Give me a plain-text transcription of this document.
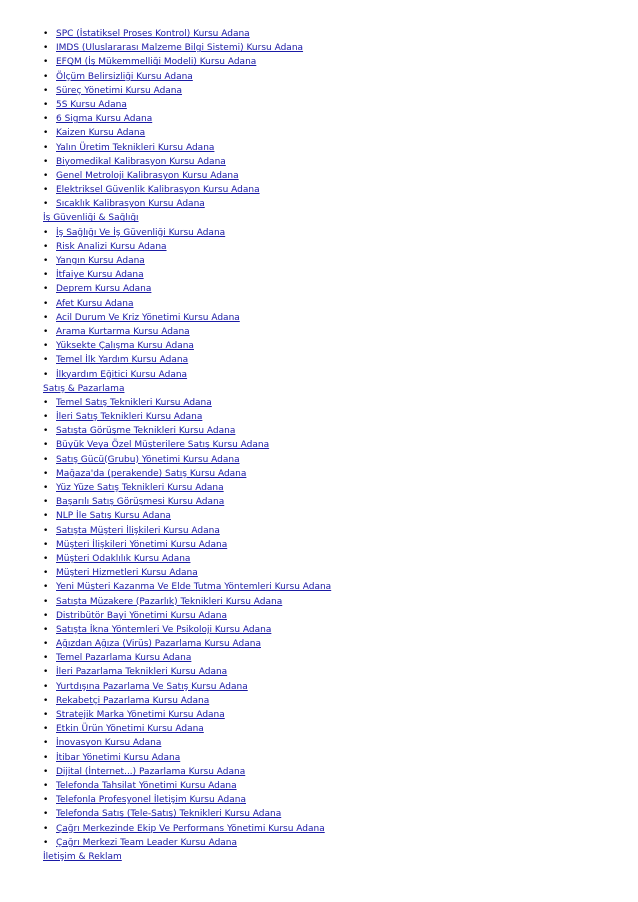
• SPC (İstatiksel Proses Kontrol) Kursu Adana
• IMDS (Uluslararası Malzeme Bilgi Sistemi) Kursu Adana
• EFQM (İş Mükemmelliği Modeli) Kursu Adana
• Ölçüm Belirsizliği Kursu Adana
• Süreç Yönetimi Kursu Adana
• 5S Kursu Adana
• 6 Sigma Kursu Adana
• Kaizen Kursu Adana
• Yalın Üretim Teknikleri Kursu Adana
• Biyomedikal Kalibrasyon Kursu Adana
• Genel Metroloji Kalibrasyon Kursu Adana
• Elektriksel Güvenlik Kalibrasyon Kursu Adana
• Sıcaklık Kalibrasyon Kursu Adana
İş Güvenliği & Sağlığı
• İş Sağlığı Ve İş Güvenliği Kursu Adana
• Risk Analizi Kursu Adana
• Yangın Kursu Adana
• İtfaiye Kursu Adana
• Deprem Kursu Adana
• Afet Kursu Adana
• Acil Durum Ve Kriz Yönetimi Kursu Adana
• Arama Kurtarma Kursu Adana
• Yüksekte Çalışma Kursu Adana
• Temel İlk Yardım Kursu Adana
• İlkyardım Eğitici Kursu Adana
Satış & Pazarlama
• Temel Satış Teknikleri Kursu Adana
• İleri Satış Teknikleri Kursu Adana
• Satışta Görüşme Teknikleri Kursu Adana
• Büyük Veya Özel Müşterilere Satış Kursu Adana
• Satış Gücü(Grubu) Yönetimi Kursu Adana
• Mağaza'da (perakende) Satış Kursu Adana
• Yüz Yüze Satış Teknikleri Kursu Adana
• Başarılı Satış Görüşmesi Kursu Adana
• NLP İle Satış Kursu Adana
• Satışta Müşteri İlişkileri Kursu Adana
• Müşteri İlişkileri Yönetimi Kursu Adana
• Müşteri Odaklılık Kursu Adana
• Müşteri Hizmetleri Kursu Adana
• Yeni Müşteri Kazanma Ve Elde Tutma Yöntemleri Kursu Adana
• Satışta Müzakere (Pazarlık) Teknikleri Kursu Adana
• Distribütör Bayi Yönetimi Kursu Adana
• Satışta İkna Yöntemleri Ve Psikoloji Kursu Adana
• Ağızdan Ağıza (Virüs) Pazarlama Kursu Adana
• Temel Pazarlama Kursu Adana
• İleri Pazarlama Teknikleri Kursu Adana
• Yurtdışına Pazarlama Ve Satış Kursu Adana
• Rekabetçi Pazarlama Kursu Adana
• Stratejik Marka Yönetimi Kursu Adana
• Etkin Ürün Yönetimi Kursu Adana
• İnovasyon Kursu Adana
• İtibar Yönetimi Kursu Adana
• Dijital (İnternet...) Pazarlama Kursu Adana
• Telefonda Tahsilat Yönetimi Kursu Adana
• Telefonla Profesyonel İletişim Kursu Adana
• Telefonda Satış (Tele-Satış) Teknikleri Kursu Adana
• Çağrı Merkezinde Ekip Ve Performans Yönetimi Kursu Adana
• Çağrı Merkezi Team Leader Kursu Adana
İletişim & Reklam
